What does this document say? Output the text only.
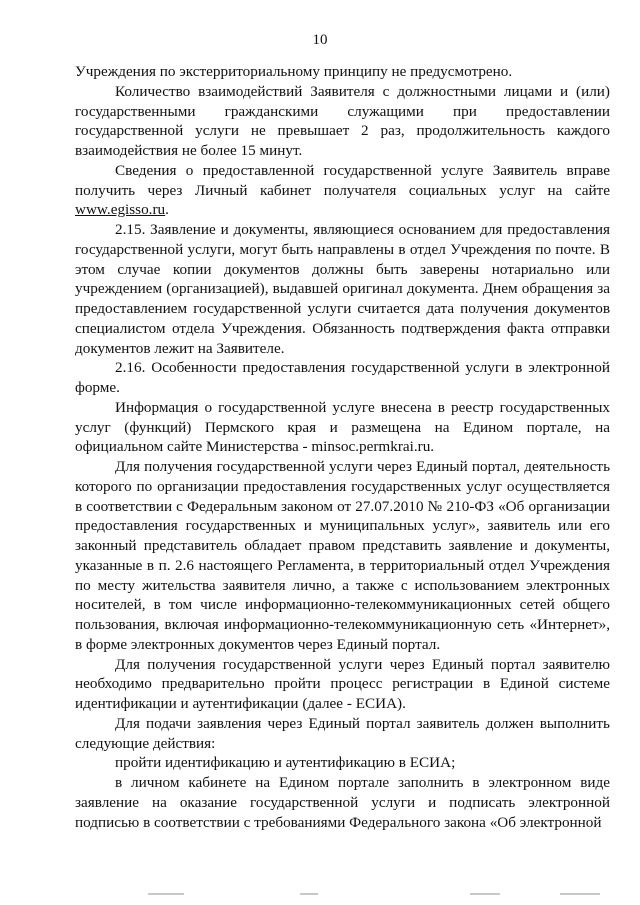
10

Учреждения по экстерриториальному принципу не предусмотрено.

Количество взаимодействий Заявителя с должностными лицами и (или) государственными гражданскими служащими при предоставлении государственной услуги не превышает 2 раз, продолжительность каждого взаимодействия не более 15 минут.

Сведения о предоставленной государственной услуге Заявитель вправе получить через Личный кабинет получателя социальных услуг на сайте www.egisso.ru.

2.15. Заявление и документы, являющиеся основанием для предоставления государственной услуги, могут быть направлены в отдел Учреждения по почте. В этом случае копии документов должны быть заверены нотариально или учреждением (организацией), выдавшей оригинал документа. Днем обращения за предоставлением государственной услуги считается дата получения документов специалистом отдела Учреждения. Обязанность подтверждения факта отправки документов лежит на Заявителе.

2.16. Особенности предоставления государственной услуги в электронной форме.

Информация о государственной услуге внесена в реестр государственных услуг (функций) Пермского края и размещена на Едином портале, на официальном сайте Министерства - minsoc.permkrai.ru.

Для получения государственной услуги через Единый портал, деятельность которого по организации предоставления государственных услуг осуществляется в соответствии с Федеральным законом от 27.07.2010 № 210-ФЗ «Об организации предоставления государственных и муниципальных услуг», заявитель или его законный представитель обладает правом представить заявление и документы, указанные в п. 2.6 настоящего Регламента, в территориальный отдел Учреждения по месту жительства заявителя лично, а также с использованием электронных носителей, в том числе информационно-телекоммуникационных сетей общего пользования, включая информационно-телекоммуникационную сеть «Интернет», в форме электронных документов через Единый портал.

Для получения государственной услуги через Единый портал заявителю необходимо предварительно пройти процесс регистрации в Единой системе идентификации и аутентификации (далее - ЕСИА).

Для подачи заявления через Единый портал заявитель должен выполнить следующие действия:

пройти идентификацию и аутентификацию в ЕСИА;

в личном кабинете на Едином портале заполнить в электронном виде заявление на оказание государственной услуги и подписать электронной подписью в соответствии с требованиями Федерального закона «Об электронной
